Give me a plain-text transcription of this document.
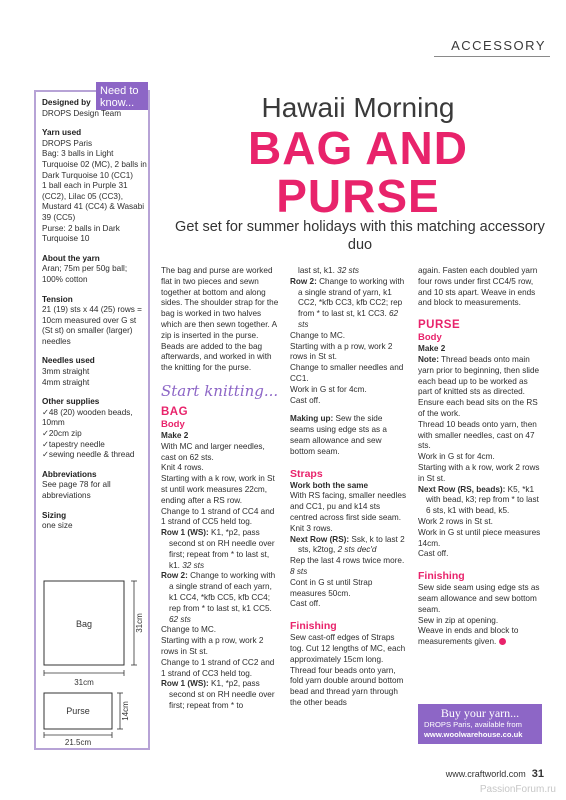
ACCESSORY
Need to know...
Designed by
DROPS Design Team
Yarn used
DROPS Paris
Bag: 3 balls in Light Turquoise 02 (MC), 2 balls in Dark Turquoise 10 (CC1)
1 ball each in Purple 31 (CC2), Lilac 05 (CC3), Mustard 41 (CC4) & Wasabi 39 (CC5)
Purse: 2 balls in Dark Turquoise 10
About the yarn
Aran; 75m per 50g ball; 100% cotton
Tension
21 (19) sts x 44 (25) rows = 10cm measured over G st (St st) on smaller (larger) needles
Needles used
3mm straight
4mm straight
Other supplies
✓ 48 (20) wooden beads, 10mm
✓ 20cm zip
✓ tapestry needle
✓ sewing needle & thread
Abbreviations
See page 78 for all abbreviations
Sizing
one size
Bag	31cm
31cm
Purse	14cm
21.5cm
Hawaii Morning
BAG AND
PURSE
Get set for summer holidays with this matching accessory duo

The bag and purse are worked flat in two pieces and sewn together at bottom and along sides. The shoulder strap for the bag is worked in two halves which are then sewn together. A zip is inserted in the purse. Beads are added to the bag afterwards, and worked in with the knitting for the purse.

Start knitting...

BAG

Body

Make 2

With MC and larger needles, cast on 62 sts.

Knit 4 rows.

Starting with a k row, work in St st until work measures 22cm, ending after a RS row.

Change to 1 strand of CC4 and 1 strand of CC5 held tog.

Row 1 (WS): K1, *p2, pass second st on RH needle over first; repeat from * to last st, k1. 32 sts

Row 2: Change to working with a single strand of each yarn, k1 CC4, *kfb CC5, kfb CC4; rep from * to last st, k1 CC5. 62 sts

Change to MC.

Starting with a p row, work 2 rows in St st.

Change to 1 strand of CC2 and 1 strand of CC3 held tog.

Row 1 (WS): K1, *p2, pass second st on RH needle over first; repeat from * to

last st, k1. 32 sts

Row 2: Change to working with a single strand of yarn, k1 CC2, *kfb CC3, kfb CC2; rep from * to last st, k1 CC3. 62 sts

Change to MC.

Starting with a p row, work 2 rows in St st.

Change to smaller needles and CC1.

Work in G st for 4cm.

Cast off.

Making up: Sew the side seams using edge sts as a seam allowance and sew bottom seam.

Straps

Work both the same

With RS facing, smaller needles and CC1, pu and k14 sts centred across first side seam.

Knit 3 rows.

Next Row (RS): Ssk, k to last 2 sts, k2tog, 2 sts dec'd

Rep the last 4 rows twice more. 8 sts

Cont in G st until Strap measures 50cm.

Cast off.

Finishing

Sew cast-off edges of Straps tog. Cut 12 lengths of MC, each approximately 15cm long. Thread four beads onto yarn, fold yarn double around bottom bead and thread yarn through the other beads

again. Fasten each doubled yarn four rows under first CC4/5 row, and 10 sts apart. Weave in ends and block to measurements.

PURSE

Body

Make 2

Note: Thread beads onto main yarn prior to beginning, then slide each bead up to be worked as part of knitted sts as directed. Ensure each bead sits on the RS of the work.

Thread 10 beads onto yarn, then with smaller needles, cast on 47 sts.

Work in G st for 4cm.

Starting with a k row, work 2 rows in St st.

Next Row (RS, beads): K5, *k1 with bead, k3; rep from * to last 6 sts, k1 with bead, k5.

Work 2 rows in St st.

Work in G st until piece measures 14cm.

Cast off.

Finishing

Sew side seam using edge sts as seam allowance and sew bottom seam.

Sew in zip at opening.

Weave in ends and block to measurements given.

Buy your yarn...
DROPS Paris, available from
www.woolwarehouse.co.uk
www.craftworld.com 31
PassionForum.ru
